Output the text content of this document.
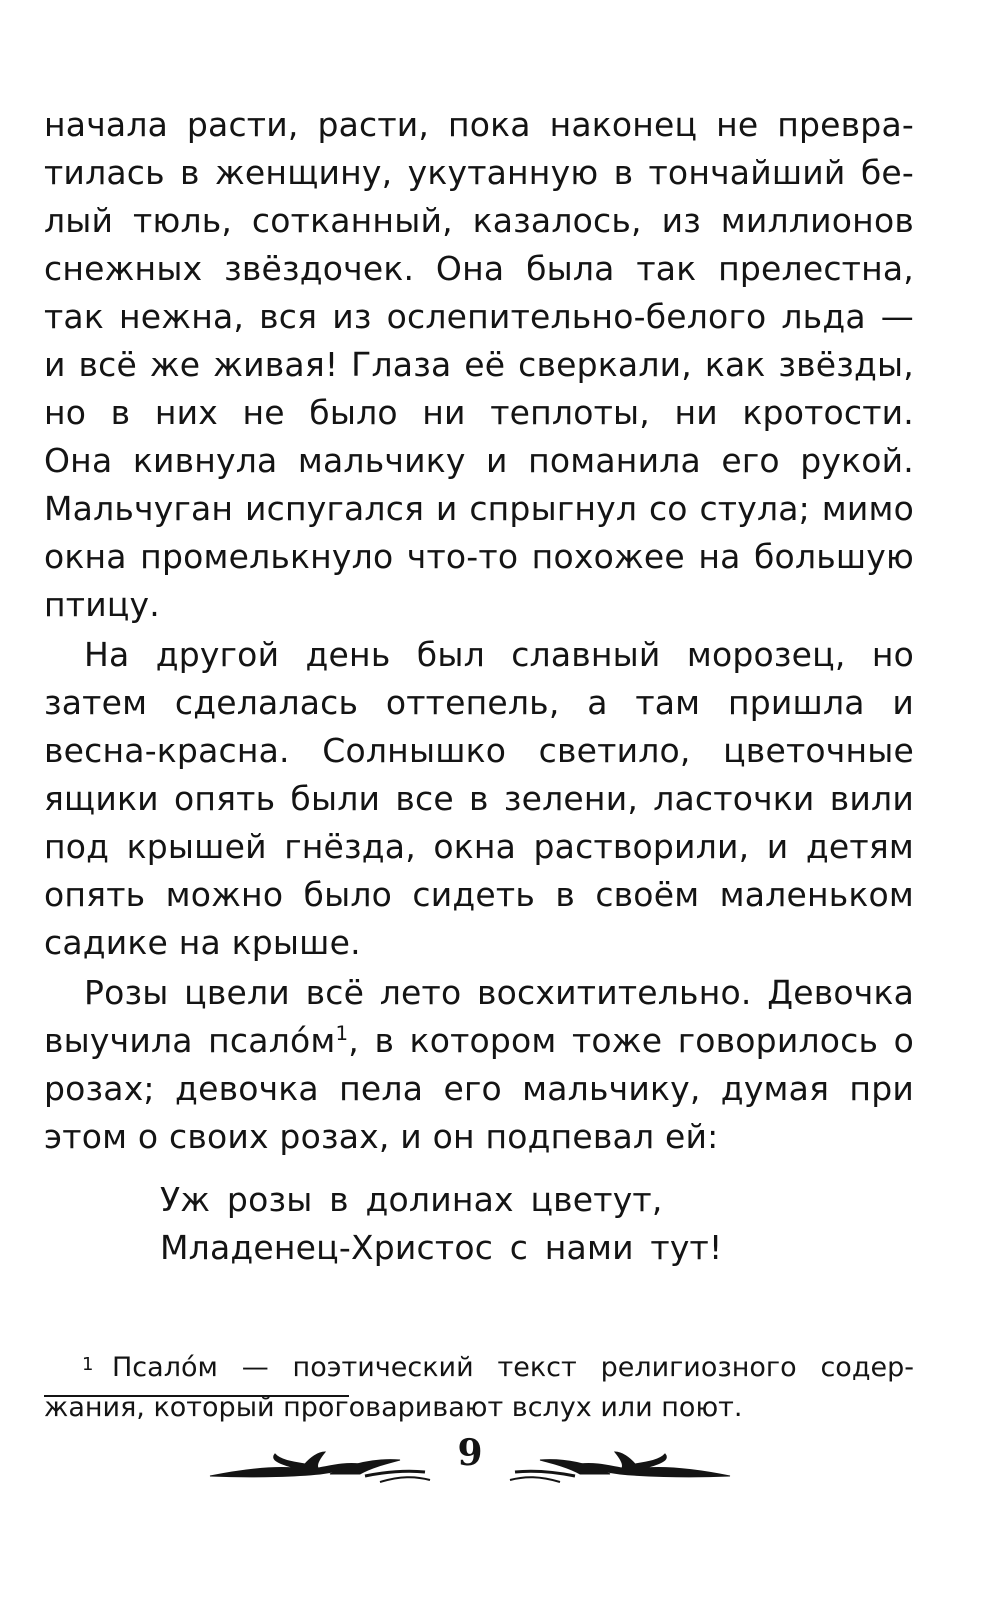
начала расти, расти, пока наконец не превра-
тилась в женщину, укутанную в тончайший бе-
лый тюль, сотканный, казалось, из миллионов
снежных звёздочек. Она была так прелестна,
так нежна, вся из ослепительно-белого льда —
и всё же живая! Глаза её сверкали, как звёзды,
но в них не было ни теплоты, ни кротости.
Она кивнула мальчику и поманила его рукой.
Мальчуган испугался и спрыгнул со стула; мимо
окна промелькнуло что-то похожее на большую
птицу.
На другой день был славный морозец, но
затем сделалась оттепель, а там пришла и
весна-красна. Солнышко светило, цветочные
ящики опять были все в зелени, ласточки вили
под крышей гнёзда, окна растворили, и детям
опять можно было сидеть в своём маленьком
садике на крыше.
Розы цвели всё лето восхитительно. Девочка
выучила $псало́м^1$, в котором тоже говорилось о
розах; девочка пела его мальчику, думая при
этом о своих розах, и он подпевал ей:
Уж розы в долинах цветут,
Младенец-Христос с нами тут!
1 Псало́м — поэтический текст религиозного содер-
жания, который проговаривают вслух или поют.
9
